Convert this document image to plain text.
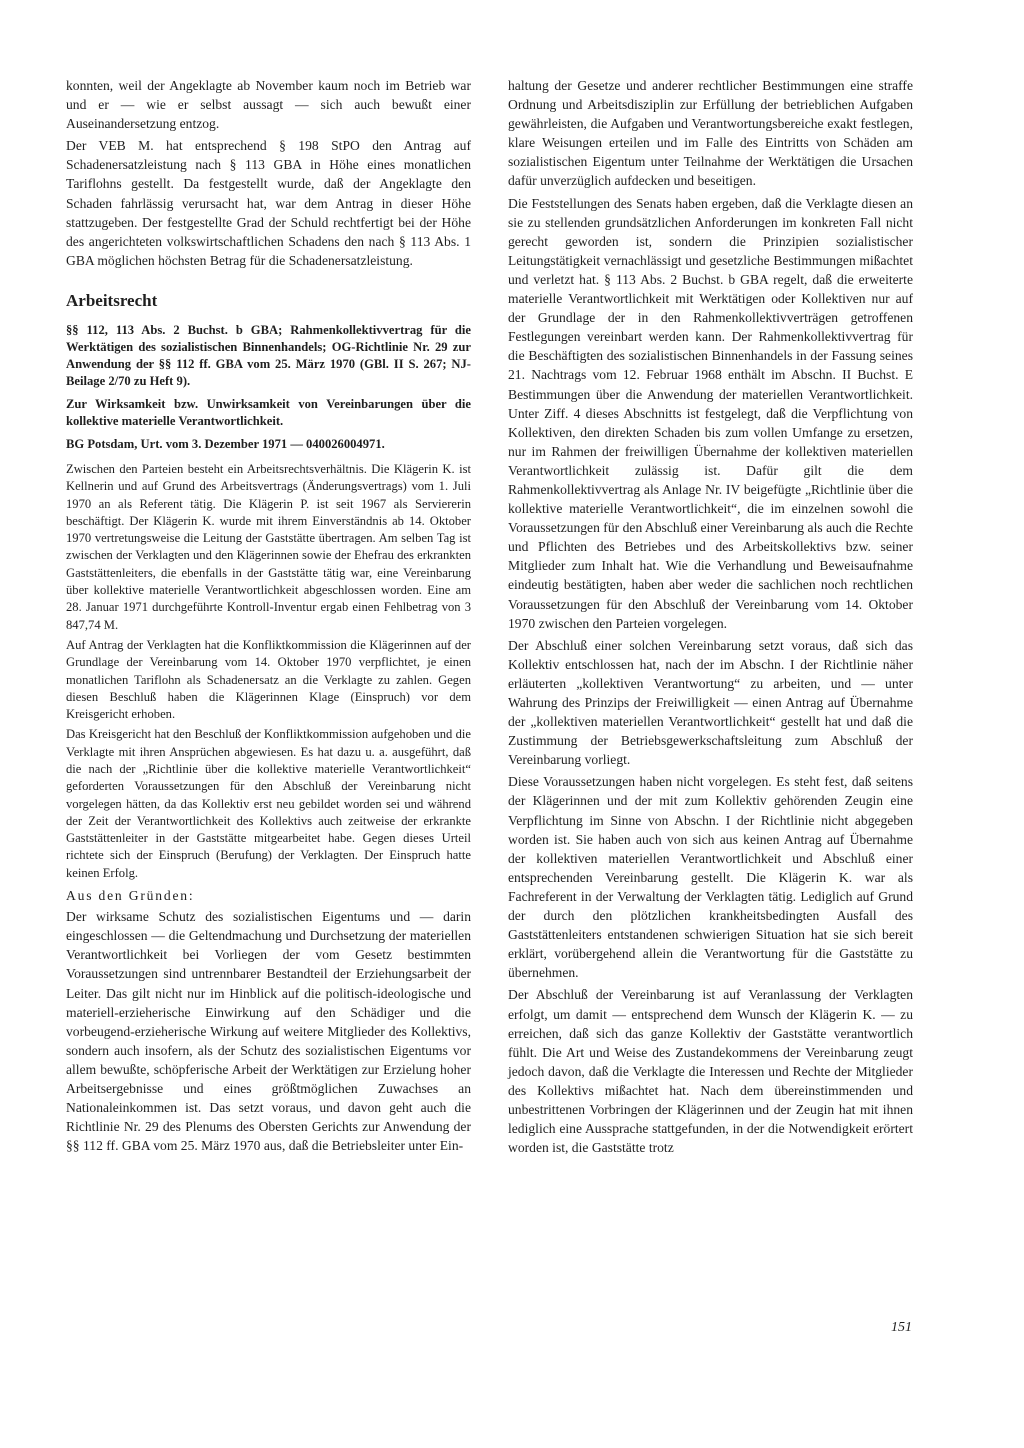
konnten, weil der Angeklagte ab November kaum noch im Betrieb war und er — wie er selbst aussagt — sich auch bewußt einer Auseinandersetzung entzog.

Der VEB M. hat entsprechend § 198 StPO den Antrag auf Schadenersatzleistung nach § 113 GBA in Höhe eines monatlichen Tariflohns gestellt. Da festgestellt wurde, daß der Angeklagte den Schaden fahrlässig verursacht hat, war dem Antrag in dieser Höhe stattzugeben. Der festgestellte Grad der Schuld rechtfertigt bei der Höhe des angerichteten volkswirtschaftlichen Schadens den nach § 113 Abs. 1 GBA möglichen höchsten Betrag für die Schadenersatzleistung.

Arbeitsrecht

§§ 112, 113 Abs. 2 Buchst. b GBA; Rahmenkollektivvertrag für die Werktätigen des sozialistischen Binnenhandels; OG-Richtlinie Nr. 29 zur Anwendung der §§ 112 ff. GBA vom 25. März 1970 (GBl. II S. 267; NJ-Beilage 2/70 zu Heft 9).

Zur Wirksamkeit bzw. Unwirksamkeit von Vereinbarungen über die kollektive materielle Verantwortlichkeit.

BG Potsdam, Urt. vom 3. Dezember 1971 — 040026004971.

Zwischen den Parteien besteht ein Arbeitsrechtsverhältnis. Die Klägerin K. ist Kellnerin und auf Grund des Arbeitsvertrags (Änderungsvertrags) vom 1. Juli 1970 an als Referent tätig. Die Klägerin P. ist seit 1967 als Serviererin beschäftigt. Der Klägerin K. wurde mit ihrem Einverständnis ab 14. Oktober 1970 vertretungsweise die Leitung der Gaststätte übertragen. Am selben Tag ist zwischen der Verklagten und den Klägerinnen sowie der Ehefrau des erkrankten Gaststättenleiters, die ebenfalls in der Gaststätte tätig war, eine Vereinbarung über kollektive materielle Verantwortlichkeit abgeschlossen worden. Eine am 28. Januar 1971 durchgeführte Kontroll-Inventur ergab einen Fehlbetrag von 3 847,74 M.

Auf Antrag der Verklagten hat die Konfliktkommission die Klägerinnen auf der Grundlage der Vereinbarung vom 14. Oktober 1970 verpflichtet, je einen monatlichen Tariflohn als Schadenersatz an die Verklagte zu zahlen. Gegen diesen Beschluß haben die Klägerinnen Klage (Einspruch) vor dem Kreisgericht erhoben.

Das Kreisgericht hat den Beschluß der Konfliktkommission aufgehoben und die Verklagte mit ihren Ansprüchen abgewiesen. Es hat dazu u. a. ausgeführt, daß die nach der „Richtlinie über die kollektive materielle Verantwortlichkeit“ geforderten Voraussetzungen für den Abschluß der Vereinbarung nicht vorgelegen hätten, da das Kollektiv erst neu gebildet worden sei und während der Zeit der Verantwortlichkeit des Kollektivs auch zeitweise der erkrankte Gaststättenleiter in der Gaststätte mitgearbeitet habe. Gegen dieses Urteil richtete sich der Einspruch (Berufung) der Verklagten. Der Einspruch hatte keinen Erfolg.

Aus den Gründen:

Der wirksame Schutz des sozialistischen Eigentums und — darin eingeschlossen — die Geltendmachung und Durchsetzung der materiellen Verantwortlichkeit bei Vorliegen der vom Gesetz bestimmten Voraussetzungen sind untrennbarer Bestandteil der Erziehungsarbeit der Leiter. Das gilt nicht nur im Hinblick auf die politisch-ideologische und materiell-erzieherische Einwirkung auf den Schädiger und die vorbeugend-erzieherische Wirkung auf weitere Mitglieder des Kollektivs, sondern auch insofern, als der Schutz des sozialistischen Eigentums vor allem bewußte, schöpferische Arbeit der Werktätigen zur Erzielung hoher Arbeitsergebnisse und eines größtmöglichen Zuwachses an Nationaleinkommen ist. Das setzt voraus, und davon geht auch die Richtlinie Nr. 29 des Plenums des Obersten Gerichts zur Anwendung der §§ 112 ff. GBA vom 25. März 1970 aus, daß die Betriebsleiter unter Ein-

haltung der Gesetze und anderer rechtlicher Bestimmungen eine straffe Ordnung und Arbeitsdisziplin zur Erfüllung der betrieblichen Aufgaben gewährleisten, die Aufgaben und Verantwortungsbereiche exakt festlegen, klare Weisungen erteilen und im Falle des Eintritts von Schäden am sozialistischen Eigentum unter Teilnahme der Werktätigen die Ursachen dafür unverzüglich aufdecken und beseitigen.

Die Feststellungen des Senats haben ergeben, daß die Verklagte diesen an sie zu stellenden grundsätzlichen Anforderungen im konkreten Fall nicht gerecht geworden ist, sondern die Prinzipien sozialistischer Leitungstätigkeit vernachlässigt und gesetzliche Bestimmungen mißachtet und verletzt hat. § 113 Abs. 2 Buchst. b GBA regelt, daß die erweiterte materielle Verantwortlichkeit mit Werktätigen oder Kollektiven nur auf der Grundlage der in den Rahmenkollektivverträgen getroffenen Festlegungen vereinbart werden kann. Der Rahmenkollektivvertrag für die Beschäftigten des sozialistischen Binnenhandels in der Fassung seines 21. Nachtrags vom 12. Februar 1968 enthält im Abschn. II Buchst. E Bestimmungen über die Anwendung der materiellen Verantwortlichkeit. Unter Ziff. 4 dieses Abschnitts ist festgelegt, daß die Verpflichtung von Kollektiven, den direkten Schaden bis zum vollen Umfange zu ersetzen, nur im Rahmen der freiwilligen Übernahme der kollektiven materiellen Verantwortlichkeit zulässig ist. Dafür gilt die dem Rahmenkollektivvertrag als Anlage Nr. IV beigefügte „Richtlinie über die kollektive materielle Verantwortlichkeit“, die im einzelnen sowohl die Voraussetzungen für den Abschluß einer Vereinbarung als auch die Rechte und Pflichten des Betriebes und des Arbeitskollektivs bzw. seiner Mitglieder zum Inhalt hat. Wie die Verhandlung und Beweisaufnahme eindeutig bestätigten, haben aber weder die sachlichen noch rechtlichen Voraussetzungen für den Abschluß der Vereinbarung vom 14. Oktober 1970 zwischen den Parteien vorgelegen.

Der Abschluß einer solchen Vereinbarung setzt voraus, daß sich das Kollektiv entschlossen hat, nach der im Abschn. I der Richtlinie näher erläuterten „kollektiven Verantwortung“ zu arbeiten, und — unter Wahrung des Prinzips der Freiwilligkeit — einen Antrag auf Übernahme der „kollektiven materiellen Verantwortlichkeit“ gestellt hat und daß die Zustimmung der Betriebsgewerkschaftsleitung zum Abschluß der Vereinbarung vorliegt.

Diese Voraussetzungen haben nicht vorgelegen. Es steht fest, daß seitens der Klägerinnen und der mit zum Kollektiv gehörenden Zeugin eine Verpflichtung im Sinne von Abschn. I der Richtlinie nicht abgegeben worden ist. Sie haben auch von sich aus keinen Antrag auf Übernahme der kollektiven materiellen Verantwortlichkeit und Abschluß einer entsprechenden Vereinbarung gestellt. Die Klägerin K. war als Fachreferent in der Verwaltung der Verklagten tätig. Lediglich auf Grund der durch den plötzlichen krankheitsbedingten Ausfall des Gaststättenleiters entstandenen schwierigen Situation hat sie sich bereit erklärt, vorübergehend allein die Verantwortung für die Gaststätte zu übernehmen.

Der Abschluß der Vereinbarung ist auf Veranlassung der Verklagten erfolgt, um damit — entsprechend dem Wunsch der Klägerin K. — zu erreichen, daß sich das ganze Kollektiv der Gaststätte verantwortlich fühlt. Die Art und Weise des Zustandekommens der Vereinbarung zeugt jedoch davon, daß die Verklagte die Interessen und Rechte der Mitglieder des Kollektivs mißachtet hat. Nach dem übereinstimmenden und unbestrittenen Vorbringen der Klägerinnen und der Zeugin hat mit ihnen lediglich eine Aussprache stattgefunden, in der die Notwendigkeit erörtert worden ist, die Gaststätte trotz

151
